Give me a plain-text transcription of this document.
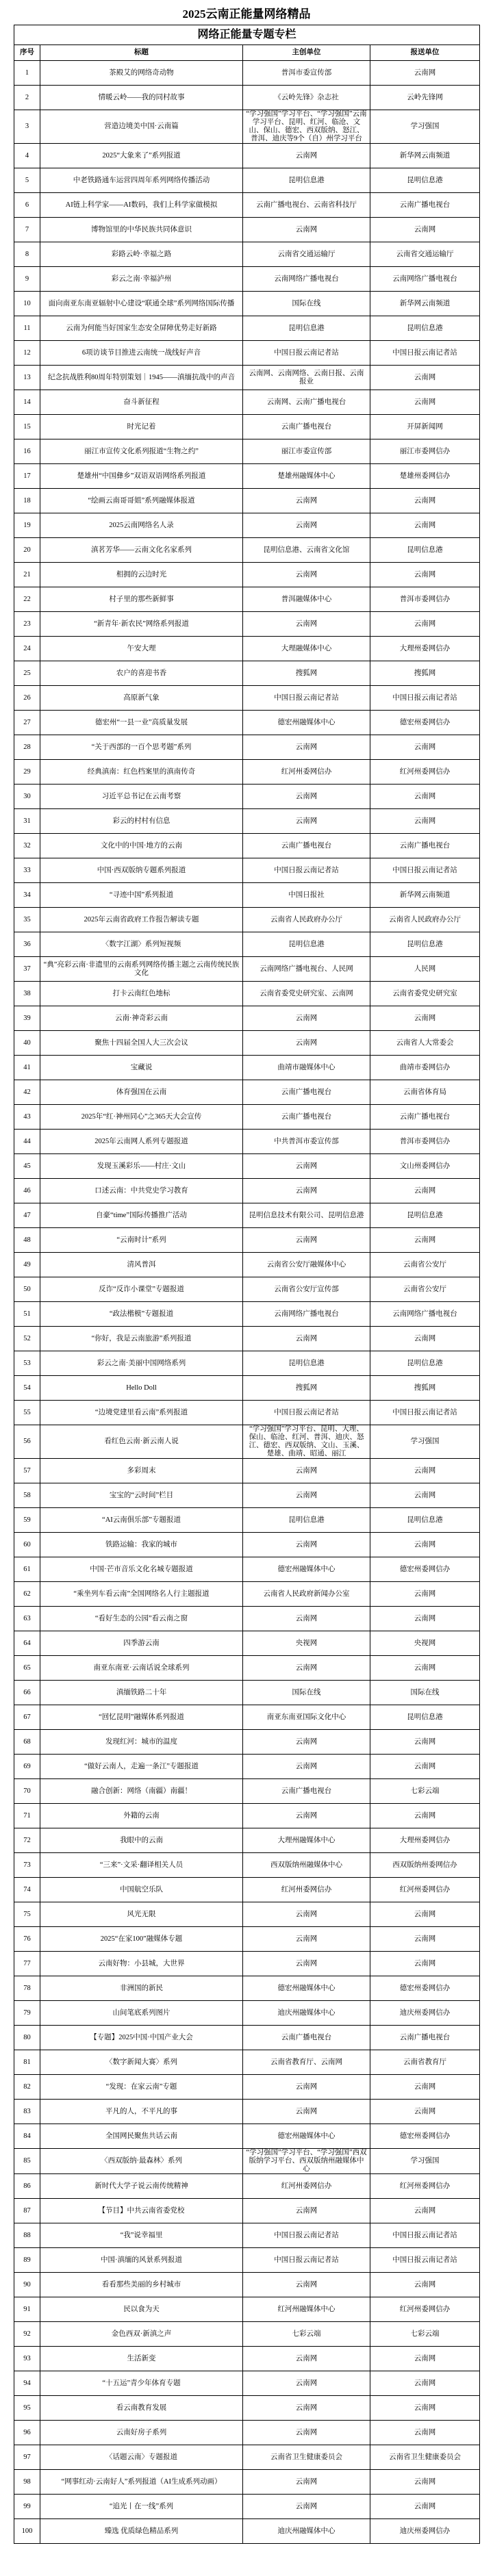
2025云南正能量网络精品
网络正能量专题专栏			
序号	标题	主创单位	报送单位
1	茶殿艾的网络奇动物	普洱市委宣传部	云南网
2	情暖云岭——我的同村故事	《云岭先锋》杂志社	云岭先锋网
3	营造边境美中国·云南篇	“学习强国”学习平台、“学习强国”云南学习平台、昆明、红河、临沧、文山、保山、德宏、西双版纳、怒江、普洱、迪庆等9个（自）州学习平台	学习强国
4	2025“大象来了”系列报道	云南网	新华网云南频道
5	中老铁路通车运营四周年系列网络传播活动	昆明信息港	昆明信息港
6	AI链上科学家——AI数码，我们上科学家做模拟	云南广播电视台、云南省科技厅	云南广播电视台
7	博物馆里的中华民族共同体意识	云南网	云南网
8	彩路云岭·幸福之路	云南省交通运输厅	云南省交通运输厅
9	彩云之南·幸福泸州	云南网络广播电视台	云南网络广播电视台
10	面向南亚东南亚辐射中心建设“联通全球”系列网络国际传播	国际在线	新华网云南频道
11	云南为何能当好国家生态安全屏障优势走好新路	昆明信息港	昆明信息港
12	6项访谈节目推进云南统一战线好声音	中国日报云南记者站	中国日报云南记者站
13	纪念抗战胜利80周年特别策划｜1945——滇缅抗战中的声音	云南网、云南网络、云南日报、云南报业	云南网
14	奋斗新征程	云南网、云南广播电视台	云南网
15	时光记着	云南广播电视台	开屏新闻网
16	丽江市宣传文化系列报道“生物之约”	丽江市委宣传部	丽江市委网信办
17	楚雄州“中国彝乡”双语双语网络系列报道	楚雄州融媒体中心	楚雄州委网信办
18	“绘画云南哥哥姐”系列融媒体报道	云南网	云南网
19	2025云南网络名人录	云南网	云南网
20	滇茗芳华——云南文化名家系列	昆明信息港、云南省文化馆	昆明信息港
21	相拥的云边时光	云南网	云南网
22	村子里的那些新鲜事	普洱融媒体中心	普洱市委网信办
23	“新青年·新农民”网络系列报道	云南网	云南网
24	午安大理	大理融媒体中心	大理州委网信办
25	农户的喜迎书香	搜狐网	搜狐网
26	高原新气象	中国日报云南记者站	中国日报云南记者站
27	德宏州“一县一业”高质量发展	德宏州融媒体中心	德宏州委网信办
28	“关于西部的一百个思考题”系列	云南网	云南网
29	经典滇南：红色档案里的滇南传奇	红河州委网信办	红河州委网信办
30	习近平总书记在云南考察	云南网	云南网
31	彩云的村村有信息	云南网	云南网
32	文化中的中国·地方的云南	云南广播电视台	云南广播电视台
33	中国·西双版纳专题系列报道	中国日报云南记者站	中国日报云南记者站
34	“寻迹中国”系列报道	中国日报社	新华网云南频道
35	2025年云南省政府工作报告解读专题	云南省人民政府办公厅	云南省人民政府办公厅
36	〈数字江湖〉系列短视频	昆明信息港	昆明信息港
37	“典”亮彩云南·非遗里的云南系列网络传播主题之云南传统民族文化	云南网络广播电视台、人民网	人民网
38	打卡云南红色地标	云南省委党史研究室、云南网	云南省委党史研究室
39	云南·神奇彩云南	云南网	云南网
40	聚焦十四届全国人大三次会议	云南网	云南省人大常委会
41	宝藏说	曲靖市融媒体中心	曲靖市委网信办
42	体育强国在云南	云南广播电视台	云南省体育局
43	2025年“红·神州同心”之365天大会宣传	云南广播电视台	云南广播电视台
44	2025年云南网人系列专题报道	中共普洱市委宣传部	普洱市委网信办
45	发现玉溪彩乐——村庄·文山	云南网	文山州委网信办
46	口述云南：中共党史学习教育	云南网	云南网
47	自豪“time”国际传播推广活动	昆明信息技术有限公司、昆明信息港	昆明信息港
48	“云南时计”系列	云南网	云南网
49	清风普洱	云南省公安厅融媒体中心	云南省公安厅
50	反诈“反诈小课堂”专题报道	云南省公安厅宣传部	云南省公安厅
51	“政法楷模”专题报道	云南网络广播电视台	云南网络广播电视台
52	“你好，我是云南旅游”系列报道	云南网	云南网
53	彩云之南·美丽中国网络系列	昆明信息港	昆明信息港
54	Hello Doll	搜狐网	搜狐网
55	“边境党建里看云南”系列报道	中国日报云南记者站	中国日报云南记者站
56	看红色云南·新云南人说	“学习强国”学习平台、昆明、大理、保山、临沧、红河、普洱、迪庆、怒江、德宏、西双版纳、文山、玉溪、楚雄、曲靖、昭通、丽江	学习强国
57	多彩周末	云南网	云南网
58	宝宝的“云时间”栏目	云南网	云南网
59	“AI云南俱乐部”专题报道	昆明信息港	昆明信息港
60	铁路运输：我家的城市	云南网	云南网
61	中国·芒市音乐文化名城专题报道	德宏州融媒体中心	德宏州委网信办
62	“乘坐列车看云南”全国网络名人行主题报道	云南省人民政府新闻办公室	云南网
63	“看好生态的公园”看云南之窗	云南网	云南网
64	四季游云南	央视网	央视网
65	南亚东南亚·云南话说全球系列	云南网	云南网
66	滇缅铁路二十年	国际在线	国际在线
67	“回忆昆明”融媒体系列报道	南亚东南亚国际文化中心	昆明信息港
68	发现红河：城市的温度	云南网	云南网
69	“做好云南人，走遍一条江”专题报道	云南网	云南网
70	融合创新：网络（南疆）南疆！	云南广播电视台	七彩云端
71	外籍的云南	云南网	云南网
72	我眼中的云南	大理州融媒体中心	大理州委网信办
73	“三来”·文采·翻译相关人员	西双版纳州融媒体中心	西双版纳州委网信办
74	中国航空乐队	红河州委网信办	红河州委网信办
75	风光无限	云南网	云南网
76	2025“在家100”融媒体专题	云南网	云南网
77	云南好物：小县城，大世界	云南网	云南网
78	非洲国的新民	德宏州融媒体中心	德宏州委网信办
79	山间笔底系列图片	迪庆州融媒体中心	迪庆州委网信办
80	【专题】2025中国·中国产业大会	云南广播电视台	云南广播电视台
81	〈数字新闻大赛〉系列	云南省教育厅、云南网	云南省教育厅
82	“发现：在家云南”专题	云南网	云南网
83	平凡的人，不平凡的事	云南网	云南网
84	全国网民聚焦共话云南	德宏州融媒体中心	德宏州委网信办
85	〈西双版纳·最森林〉系列	“学习强国”学习平台、“学习强国”西双版纳学习平台、西双版纳州融媒体中心	学习强国
86	新时代大学子说云南传统精神	红河州委网信办	红河州委网信办
87	【节目】中共云南省委党校	云南网	云南网
88	“我”说幸福里	中国日报云南记者站	中国日报云南记者站
89	中国·滇缅的风景系列报道	中国日报云南记者站	中国日报云南记者站
90	看看那些美丽的乡村城市	云南网	云南网
91	民以食为天	红河州融媒体中心	红河州委网信办
92	金色西双·新滇之声	七彩云端	七彩云端
93	生活新变	云南网	云南网
94	“十五运”青少年体育专题	云南网	云南网
95	看云南教育发展	云南网	云南网
96	云南好房子系列	云南网	云南网
97	〈话题云南〉专题报道	云南省卫生健康委员会	云南省卫生健康委员会
98	“网事红动·云南好人”系列报道（AI生成系列动画）	云南网	云南网
99	“追光丨在一线”系列	云南网	云南网
100	臻选 优质绿色精品系列	迪庆州融媒体中心	迪庆州委网信办
